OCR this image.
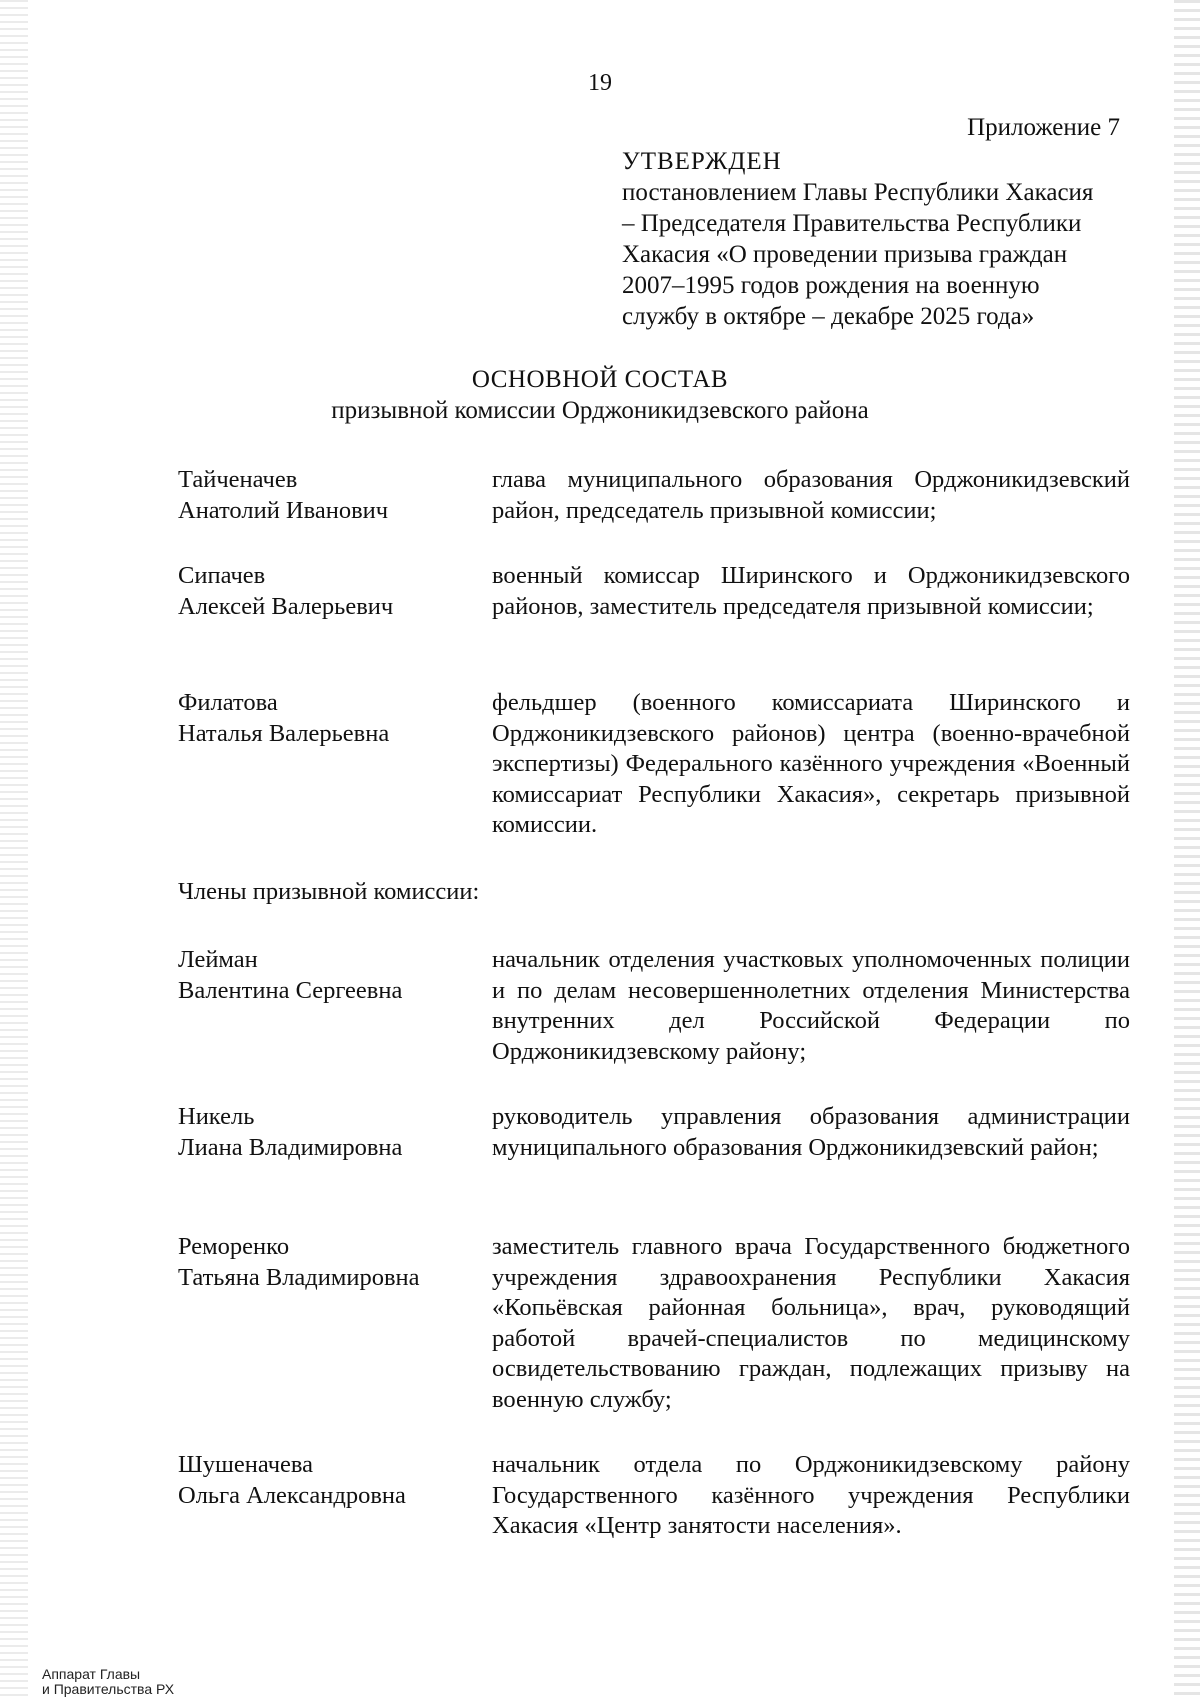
19
Приложение 7
УТВЕРЖДЕН
постановлением Главы Республики Хакасия
– Председателя Правительства Республики
Хакасия «О проведении призыва граждан
2007–1995 годов рождения на военную
службу в октябре – декабре 2025 года»
ОСНОВНОЙ СОСТАВ
призывной комиссии Орджоникидзевского района
Тайченачев
Анатолий Иванович
глава муниципального образования Орджоникидзевский район, председатель призывной комиссии;
Сипачев
Алексей Валерьевич
военный комиссар Ширинского и Орджоникидзевского районов, заместитель председателя призывной комиссии;
Филатова
Наталья Валерьевна
фельдшер (военного комиссариата Ширинского и Орджоникидзевского районов) центра (военно-врачебной экспертизы) Федерального казённого учреждения «Военный комиссариат Республики Хакасия», секретарь призывной комиссии.
Члены призывной комиссии:
Лейман
Валентина Сергеевна
начальник отделения участковых уполномоченных полиции и по делам несовершеннолетних отделения Министерства внутренних дел Российской Федерации по Орджоникидзевскому району;
Никель
Лиана Владимировна
руководитель управления образования администрации муниципального образования Орджоникидзевский район;
Реморенко
Татьяна Владимировна
заместитель главного врача Государственного бюджетного учреждения здравоохранения Республики Хакасия «Копьёвская районная больница», врач, руководящий работой врачей-специалистов по медицинскому освидетельствованию граждан, подлежащих призыву на военную службу;
Шушеначева
Ольга Александровна
начальник отдела по Орджоникидзевскому району Государственного казённого учреждения Республики Хакасия «Центр занятости населения».
Аппарат Главы
и Правительства РХ
